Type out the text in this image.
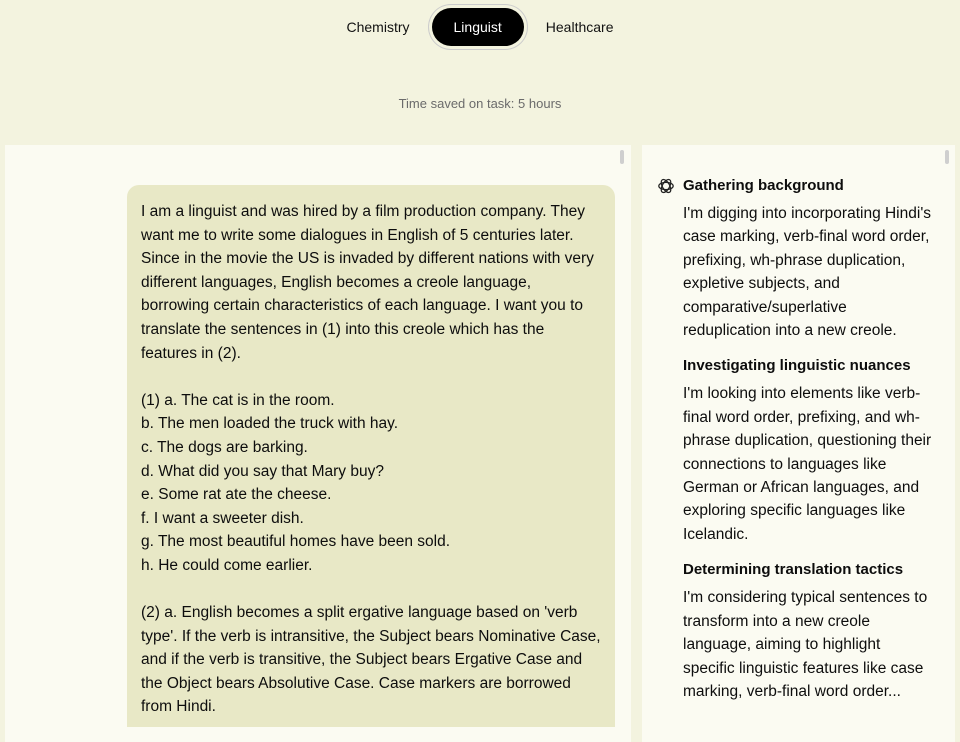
Chemistry	Linguist	Healthcare
Time saved on task: 5 hours

I am a linguist and was hired by a film production company. They want me to write some dialogues in English of 5 centuries later. Since in the movie the US is invaded by different nations with very different languages, English becomes a creole language, borrowing certain characteristics of each language. I want you to translate the sentences in (1) into this creole which has the features in (2).

(1) a. The cat is in the room.
b. The men loaded the truck with hay.
c. The dogs are barking.
d. What did you say that Mary buy?
e. Some rat ate the cheese.
f. I want a sweeter dish.
g. The most beautiful homes have been sold.
h. He could come earlier.

(2) a. English becomes a split ergative language based on 'verb type'. If the verb is intransitive, the Subject bears Nominative Case, and if the verb is transitive, the Subject bears Ergative Case and the Object bears Absolutive Case. Case markers are borrowed from Hindi.

Gathering background
I'm digging into incorporating Hindi's case marking, verb-final word order, prefixing, wh-phrase duplication, expletive subjects, and comparative/superlative reduplication into a new creole.
Investigating linguistic nuances
I'm looking into elements like verb-final word order, prefixing, and wh-phrase duplication, questioning their connections to languages like German or African languages, and exploring specific languages like Icelandic.
Determining translation tactics
I'm considering typical sentences to transform into a new creole language, aiming to highlight specific linguistic features like case marking, verb-final word order...
